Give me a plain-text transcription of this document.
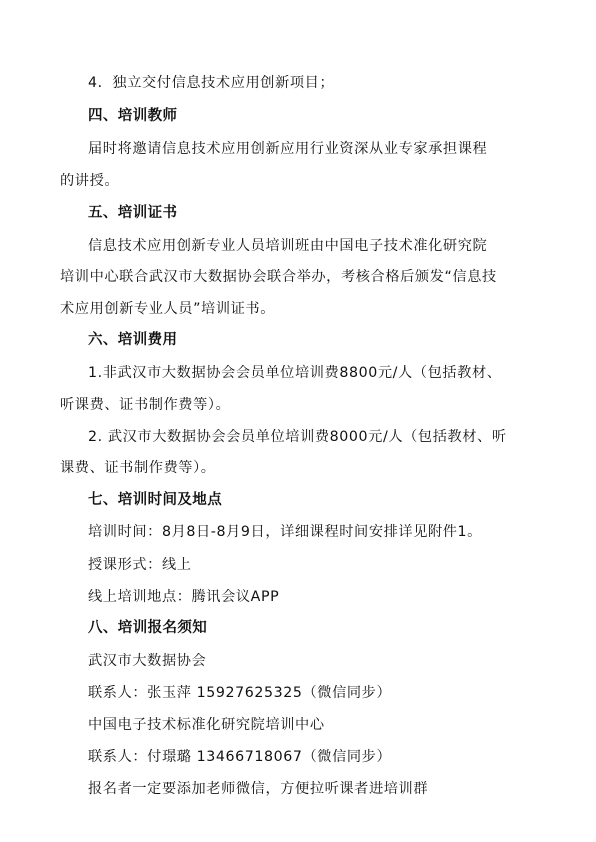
4．独立交付信息技术应用创新项目；
四、培训教师
届时将邀请信息技术应用创新应用行业资深从业专家承担课程
的讲授。
五、培训证书
信息技术应用创新专业人员培训班由中国电子技术准化研究院
培训中心联合武汉市大数据协会联合举办，考核合格后颁发“信息技
术应用创新专业人员”培训证书。
六、培训费用
1.非武汉市大数据协会会员单位培训费8800元/人（包括教材、
听课费、证书制作费等）。
2. 武汉市大数据协会会员单位培训费8000元/人（包括教材、听
课费、证书制作费等）。
七、培训时间及地点
培训时间：8月8日-8月9日，详细课程时间安排详见附件1。
授课形式：线上
线上培训地点：腾讯会议APP
八、培训报名须知
武汉市大数据协会
联系人：张玉萍 15927625325（微信同步）
中国电子技术标准化研究院培训中心
联系人：付璟璐 13466718067（微信同步）
报名者一定要添加老师微信，方便拉听课者进培训群
